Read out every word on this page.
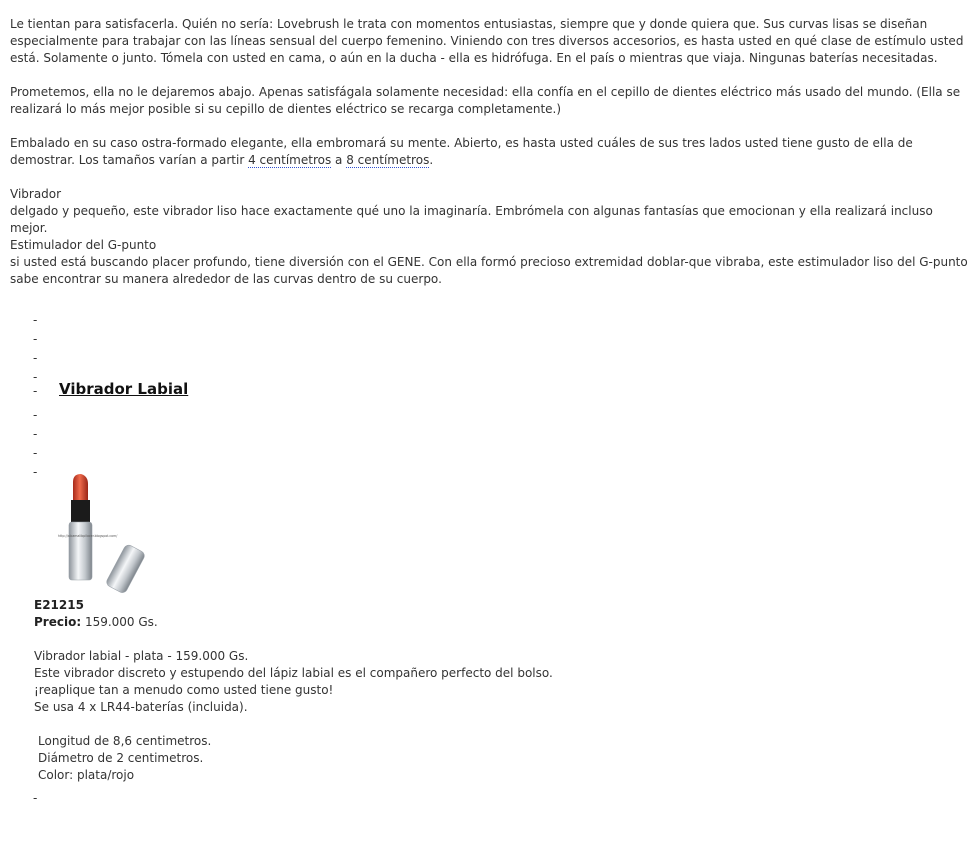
Le tientan para satisfacerla. Quién no sería: Lovebrush le trata con momentos entusiastas, siempre que y donde quiera que. Sus curvas lisas se diseñan especialmente para trabajar con las líneas sensual del cuerpo femenino. Viniendo con tres diversos accesorios, es hasta usted en qué clase de estímulo usted está. Solamente o junto. Tómela con usted en cama, o aún en la ducha - ella es hidrófuga. En el país o mientras que viaja. Ningunas baterías necesitadas.

Prometemos, ella no le dejaremos abajo. Apenas satisfágala solamente necesidad: ella confía en el cepillo de dientes eléctrico más usado del mundo. (Ella se realizará lo más mejor posible si su cepillo de dientes eléctrico se recarga completamente.)

Embalado en su caso ostra-formado elegante, ella embromará su mente. Abierto, es hasta usted cuáles de sus tres lados usted tiene gusto de ella de demostrar. Los tamaños varían a partir 4 centímetros a 8 centímetros.

Vibrador

delgado y pequeño, este vibrador liso hace exactamente qué uno la imaginaría. Embrómela con algunas fantasías que emocionan y ella realizará incluso mejor.

Estimulador del G-punto

si usted está buscando placer profundo, tiene diversión con el GENE. Con ella formó precioso extremidad doblar-que vibraba, este estimulador liso del G-punto sabe encontrar su manera alrededor de las curvas dentro de su cuerpo.

-
-
-
-
- Vibrador Labial
-
-
-
-
http://alcamalibpilacer.blogspot.com/
E21215
Precio: 159.000 Gs.
Vibrador labial - plata - 159.000 Gs.
Este vibrador discreto y estupendo del lápiz labial es el compañero perfecto del bolso.
¡reaplique tan a menudo como usted tiene gusto!
Se usa 4 x LR44-baterías (incluida).
Longitud de 8,6 centimetros.
Diámetro de 2 centimetros.
Color: plata/rojo
-
